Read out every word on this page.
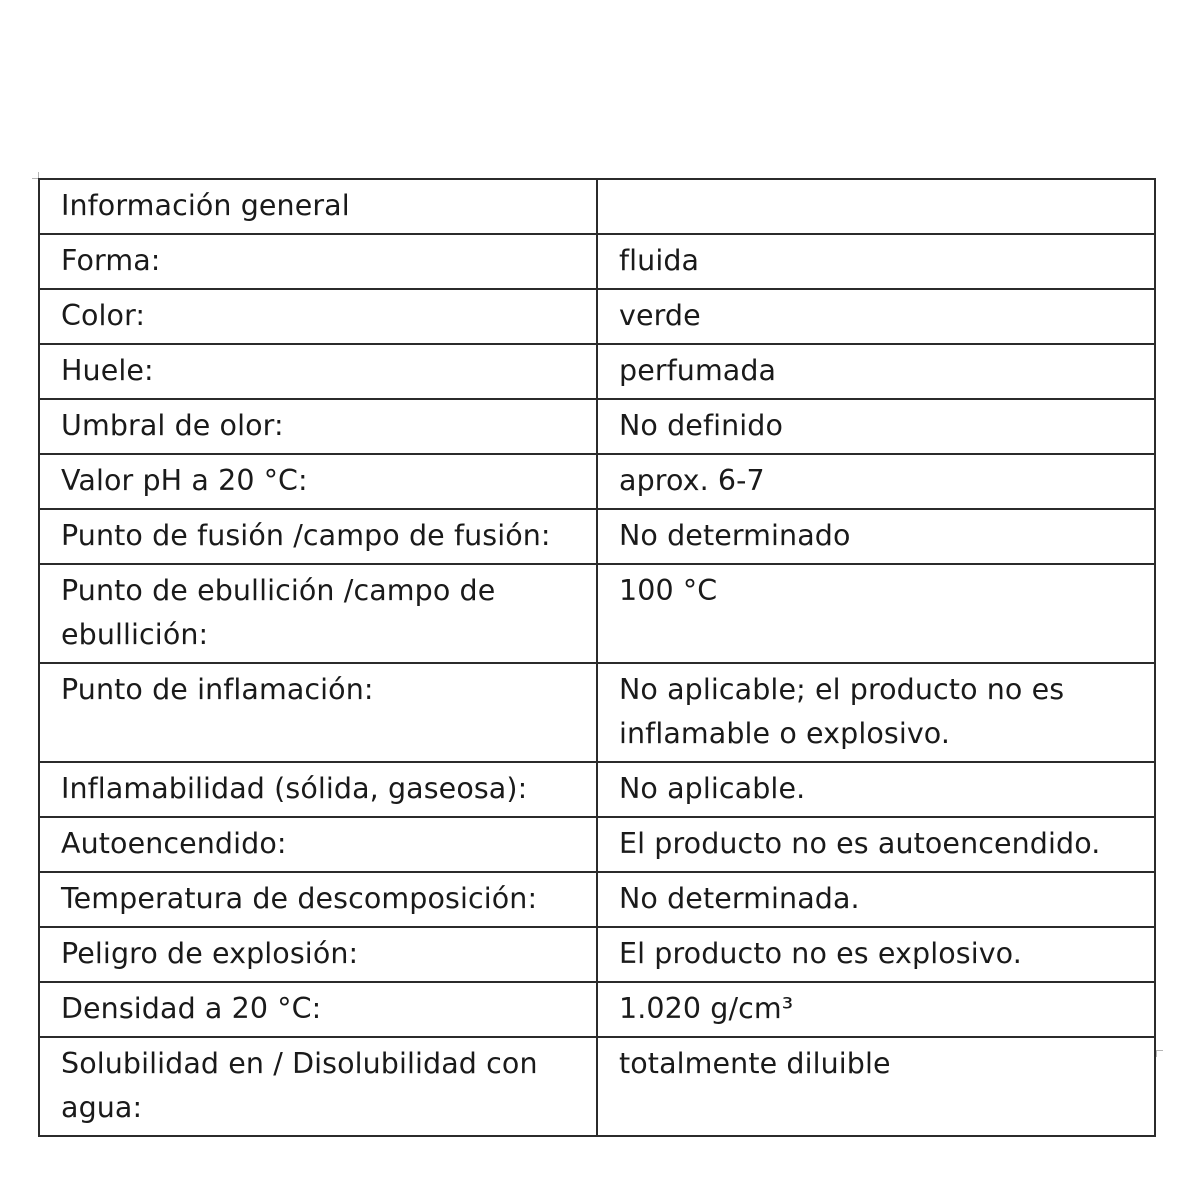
Información general	
Forma:	fluida
Color:	verde
Huele:	perfumada
Umbral de olor:	No definido
Valor pH a 20 °C:	aprox. 6-7
Punto de fusión /campo de fusión:	No determinado
Punto de ebullición /campo de ebullición:	100 °C
Punto de inflamación:	No aplicable; el producto no es inflamable o explosivo.
Inflamabilidad (sólida, gaseosa):	No aplicable.
Autoencendido:	El producto no es autoencendido.
Temperatura de descomposición:	No determinada.
Peligro de explosión:	El producto no es explosivo.
Densidad a 20 °C:	1.020 g/cm³
Solubilidad en / Disolubilidad con agua:	totalmente diluible
